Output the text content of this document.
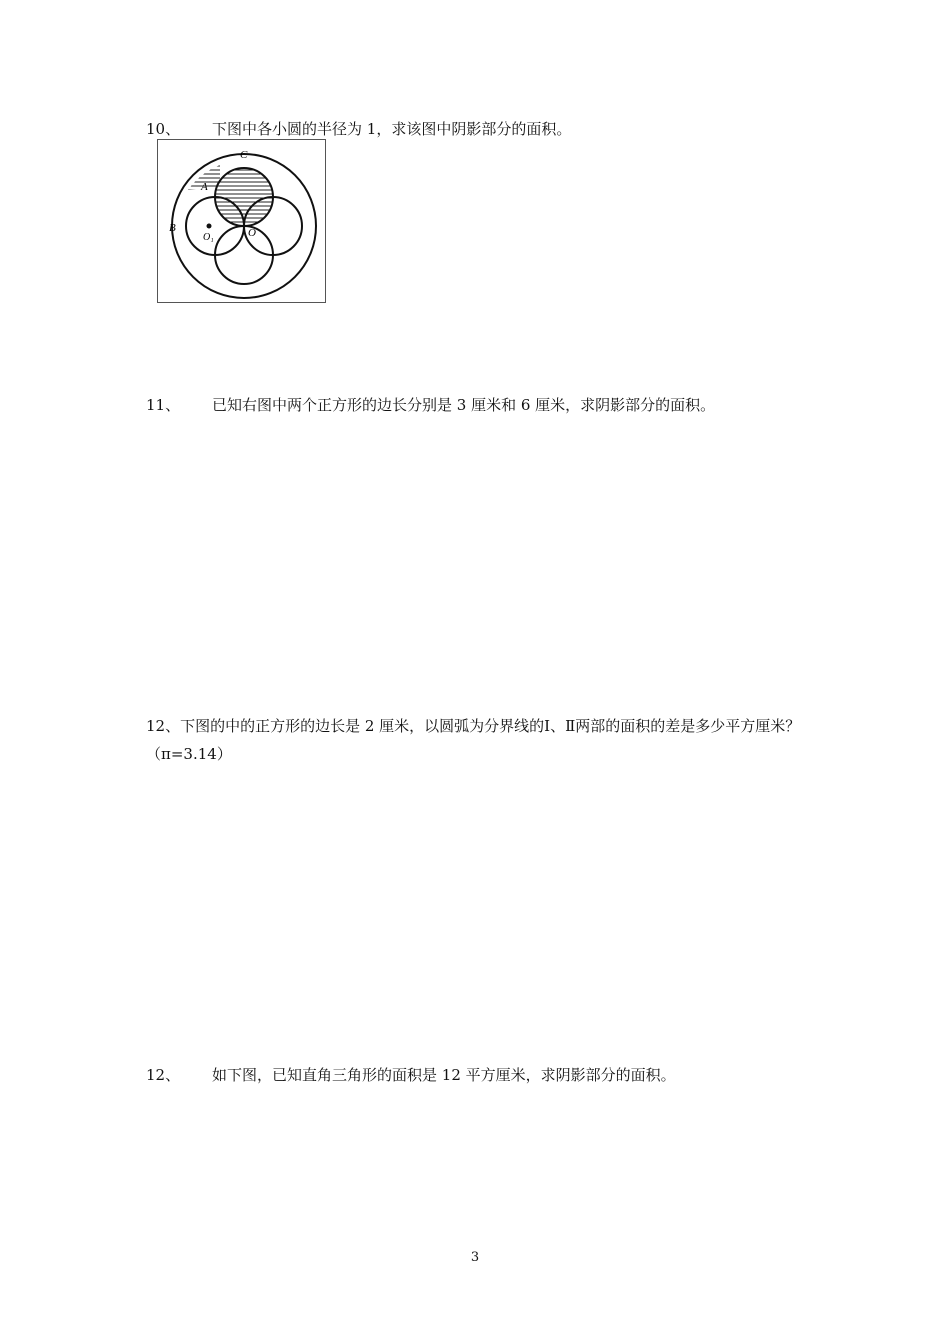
10、 下图中各小圆的半径为 1，求该图中阴影部分的面积。
C
A
B
O₁	O
11、 已知右图中两个正方形的边长分别是 3 厘米和 6 厘米，求阴影部分的面积。
12、下图的中的正方形的边长是 2 厘米，以圆弧为分界线的Ⅰ、Ⅱ两部的面积的差是多少平方厘米？（π=3.14）
12、 如下图，已知直角三角形的面积是 12 平方厘米，求阴影部分的面积。
3
